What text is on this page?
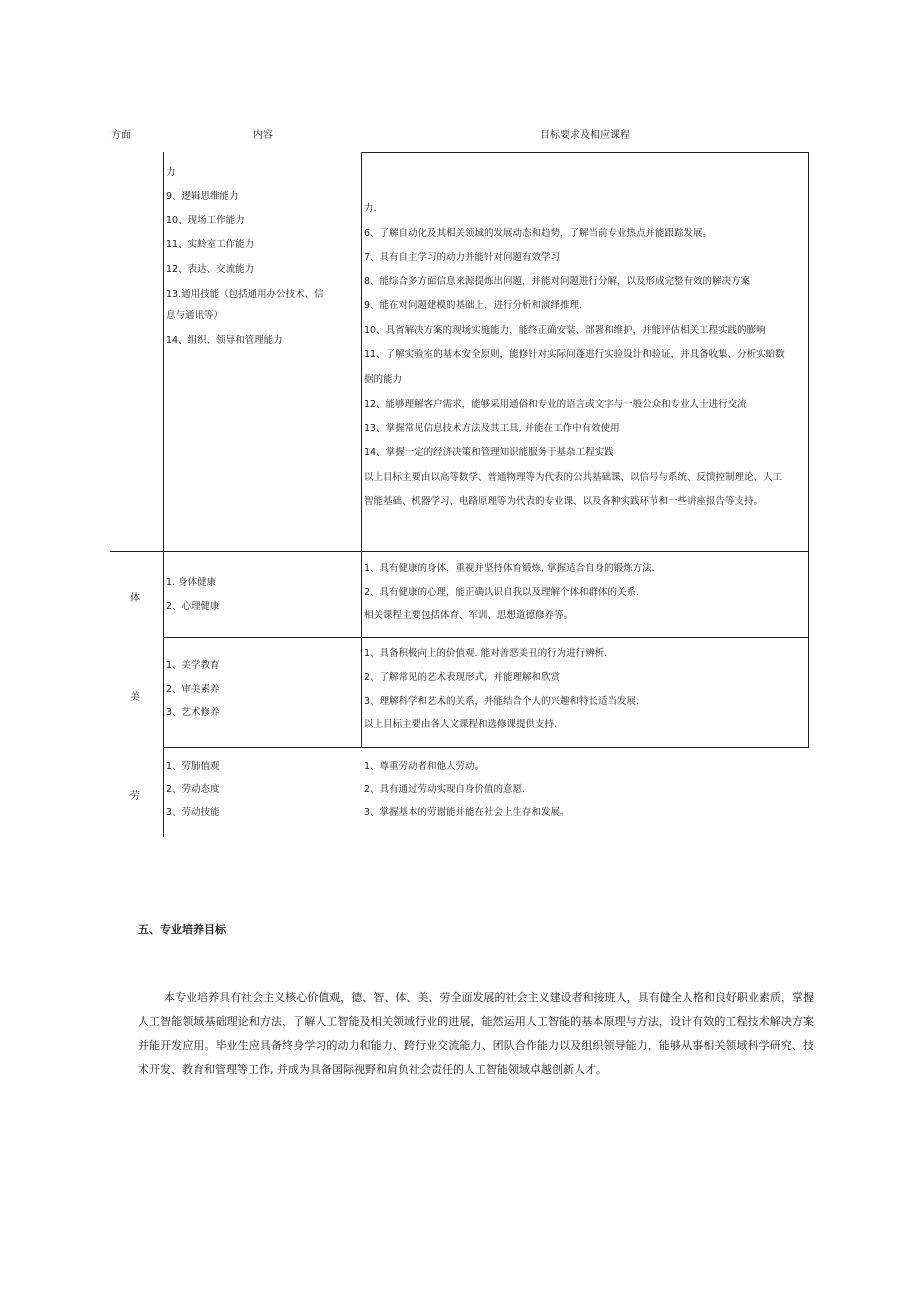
方面	内容	目标要求及相应课程
力
9、逻辑思维能力
10、现场工作能力
11、实蛉室工作能力
12、表达、交流能力
13.通用技能（包括通用办公技术、信
息与通讯等）
14、组织、领导和管理能力
力.
6、了解自动化及其相关领域的发展动态和趋势，了解当前专业热点并能跟踪发展。
7、具有自主学习的动力并能针对问题有效学习
8、能综合多方面信息来源提炼出问题，并能对问题进行分解，以及形成完整有效的解决方案
9、能在对问题建模的基础上，进行分析和演绎推理.
10、具省解决方案的现场实施能力，能终正确安装、部署和维护，并能评估相关工程实践的膨响
11、了解实验室的基本安全原则，能修针对实际问蓬进行实验设计和验证，并具备收集、分析实蛤数
据的能力
12、能够理解客户需求，能够采用通俗和专业的语言或文字与一般公众和专业人士进行交流
13、掌握常见信息技术方法及其工具, 并能在工作中有效使用
14、掌握一定的经济决策和管理知识能服务于基杂工程实践
以上目标主要由以高等数学、普通物理等为代表的公共基础课、以信号与系统、反馈控制理论、人工
智能基础、机器学习、电路原理等为代表的专业课、以及各种实践环节和一些讲座报告等支持。
体
1. 身体健康
2、心理健康
1、具有健康的身体，重视并坚持体育锻炼, 掌握适合自身的锻炼方法.
2、具有健康的心理，能正确认识自我以及理解个体和群体的关系.
相关课程主要包括体育、军训、思想道德修养等。
美
1、美学教育
2、审美素养
3、艺术修养
1、具备积极向上的价值观. 能对善恶美丑的行为进行辨析.
2、了解常见的艺术表现形式，并能理解和欣赏
3、理解科学和艺术的关系，并能结合个人的兴趣和特长适当发展.
以上目标主要由各人文课程和选修课提供支持.
劳
1、劳肺值观
2、劳动态度
3、劳动技能
1、尊重劳动者和他人劳动。
2、具有通过劳动实现自身价值的意愿.
3、掌握基本的劳谢能并能在社会上生存和发展。
五、专业培养目标
本专业培养具有社会主义核心价值观，德、智、体、美、劳全面发展的社会主义建设者和接班人，具有健全人格和良好职业素质，掌握人工智能领域基础理论和方法，了解人工智能及相关领域行业的进展，能然运用人工智能的基本原理与方法，设计有效的工程技术解决方案并能开发应用。毕业生应具备终身学习的动力和能力、跨行业交流能力、团队合作能力以及组织领导能力，能够从事相关领域科学研究、技术开发、教育和管理等工作, 并成为具备国际视野和肩负社会责任的人工智能领域卓越创新人才。
